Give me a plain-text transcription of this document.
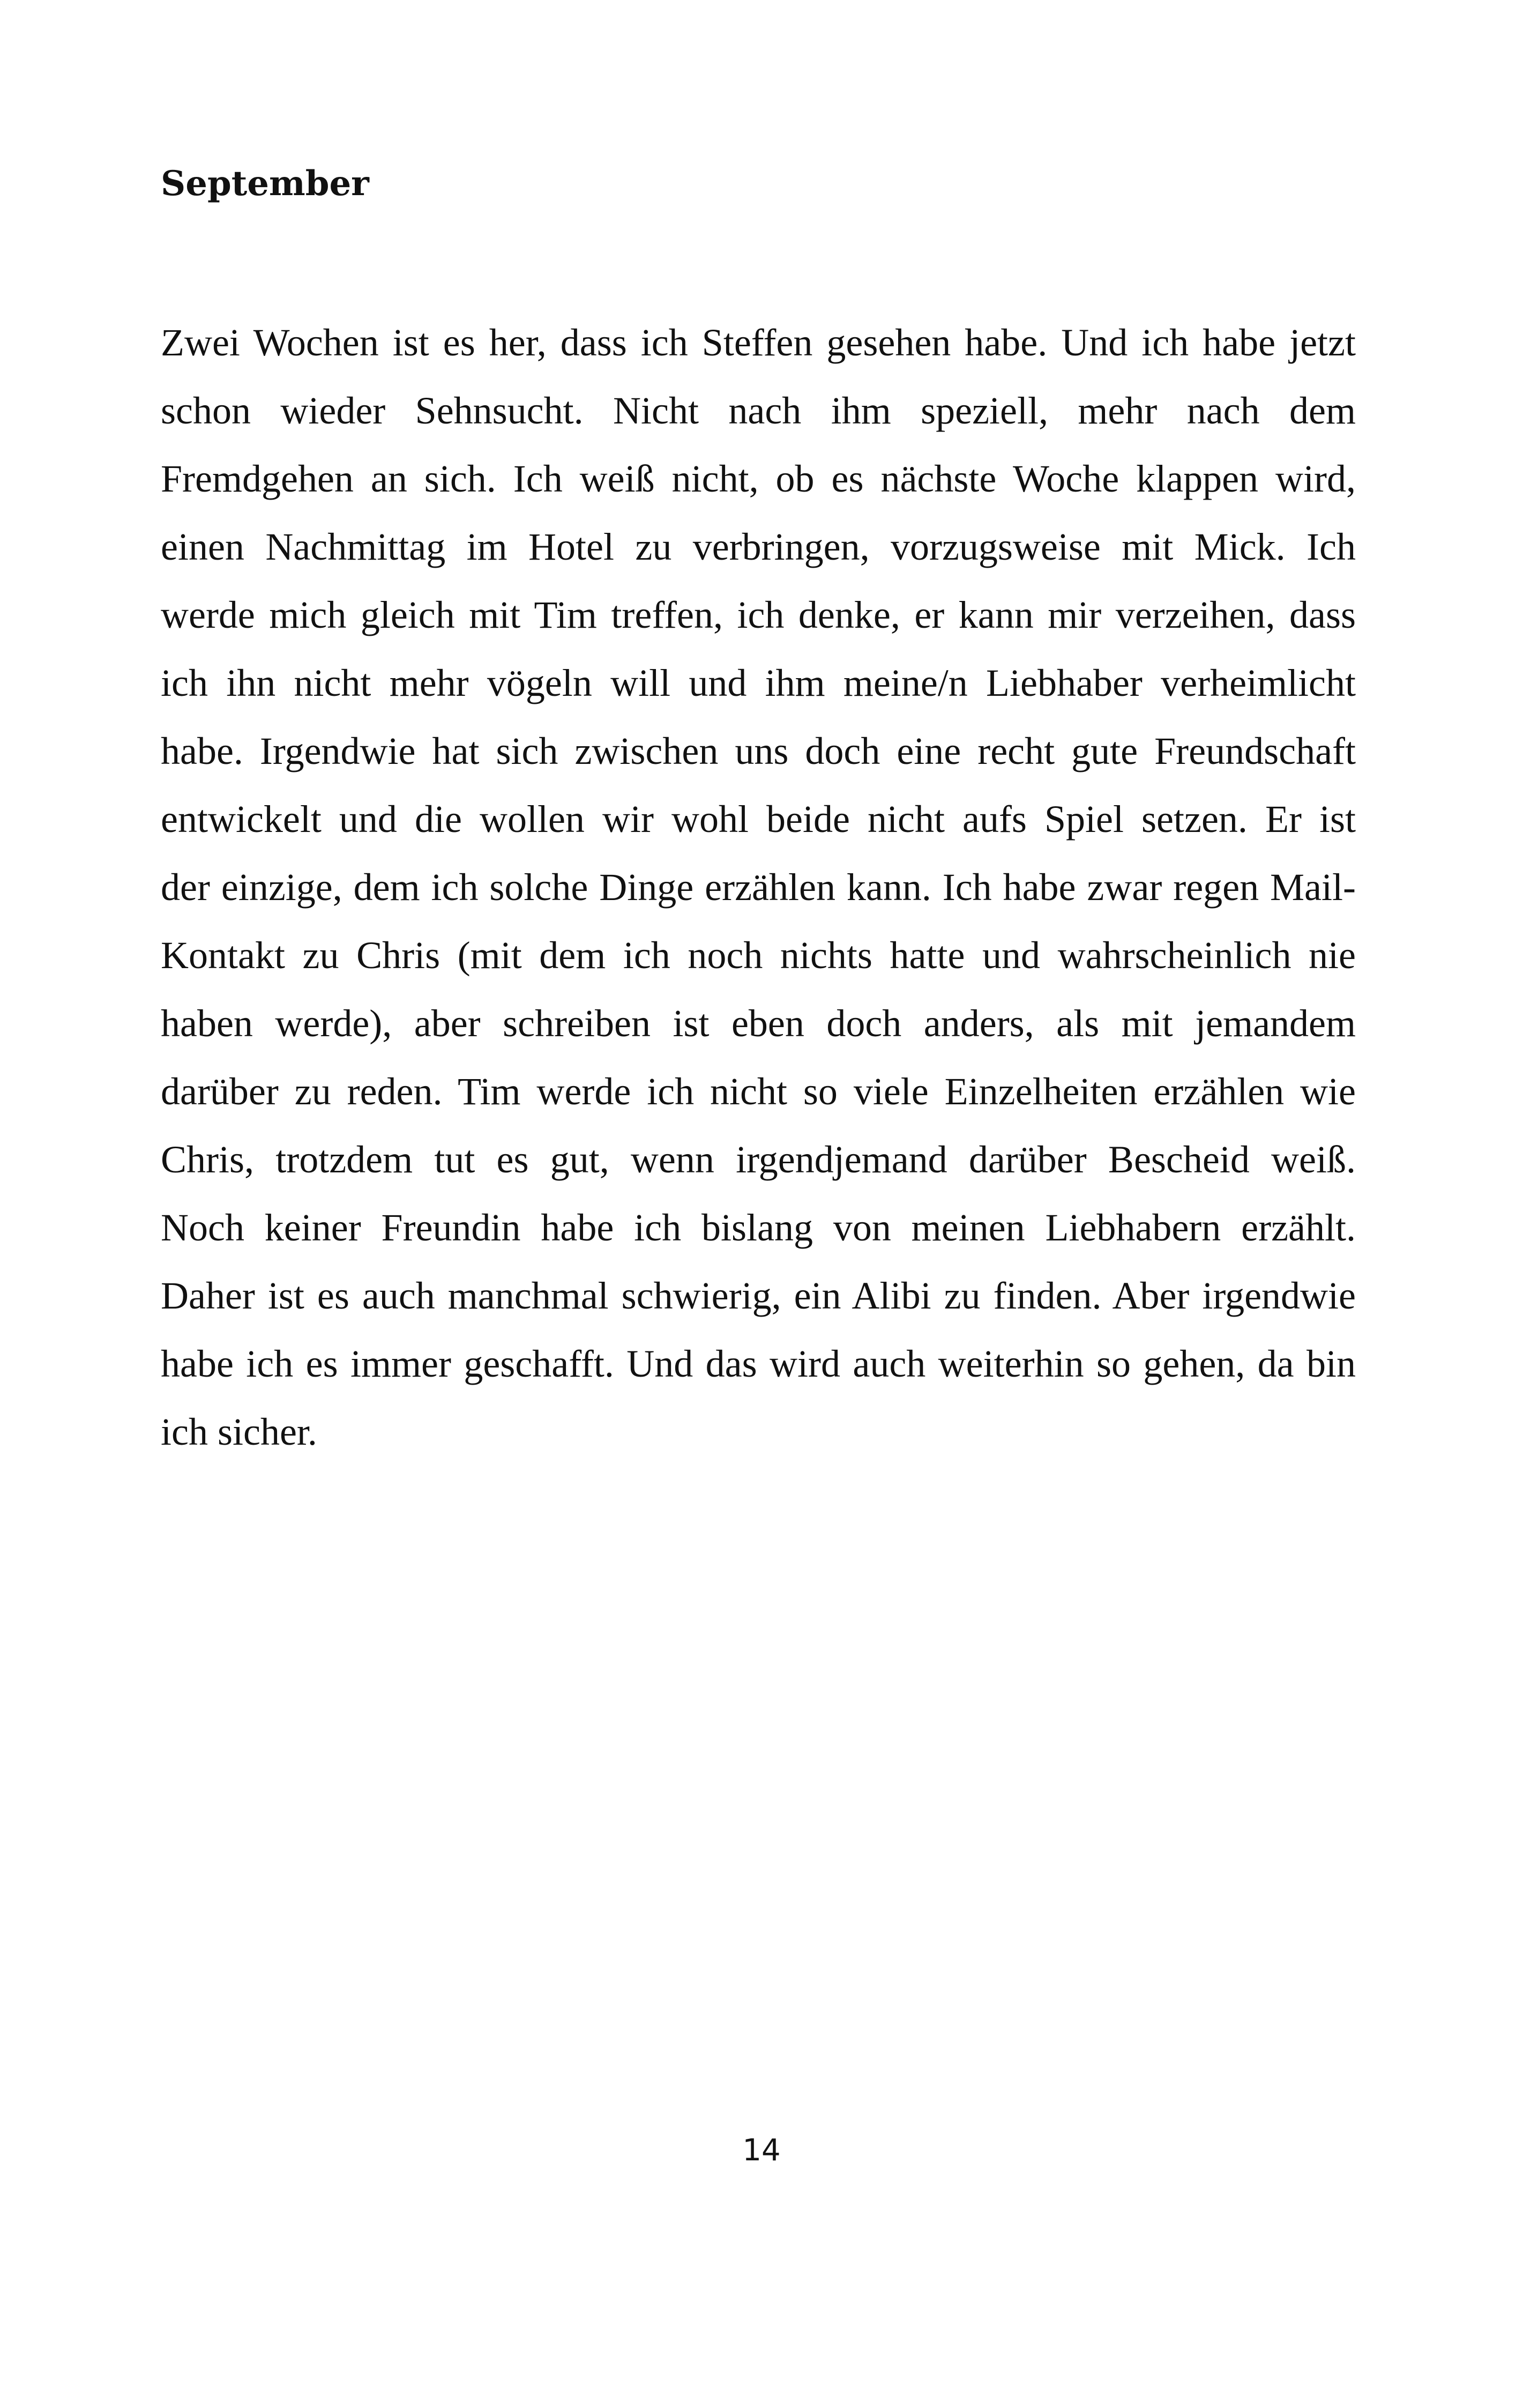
September
Zwei Wochen ist es her, dass ich Steffen gesehen habe. Und ich habe jetzt
schon wieder Sehnsucht. Nicht nach ihm speziell, mehr nach dem
Fremdgehen an sich. Ich weiß nicht, ob es nächste Woche klappen wird,
einen Nachmittag im Hotel zu verbringen, vorzugsweise mit Mick. Ich
werde mich gleich mit Tim treffen, ich denke, er kann mir verzeihen, dass
ich ihn nicht mehr vögeln will und ihm meine/n Liebhaber verheimlicht
habe. Irgendwie hat sich zwischen uns doch eine recht gute Freundschaft
entwickelt und die wollen wir wohl beide nicht aufs Spiel setzen. Er ist
der einzige, dem ich solche Dinge erzählen kann. Ich habe zwar regen Mail-
Kontakt zu Chris (mit dem ich noch nichts hatte und wahrscheinlich nie
haben werde), aber schreiben ist eben doch anders, als mit jemandem
darüber zu reden. Tim werde ich nicht so viele Einzelheiten erzählen wie
Chris, trotzdem tut es gut, wenn irgendjemand darüber Bescheid weiß.
Noch keiner Freundin habe ich bislang von meinen Liebhabern erzählt.
Daher ist es auch manchmal schwierig, ein Alibi zu finden. Aber irgendwie
habe ich es immer geschafft. Und das wird auch weiterhin so gehen, da bin
ich sicher.
14
